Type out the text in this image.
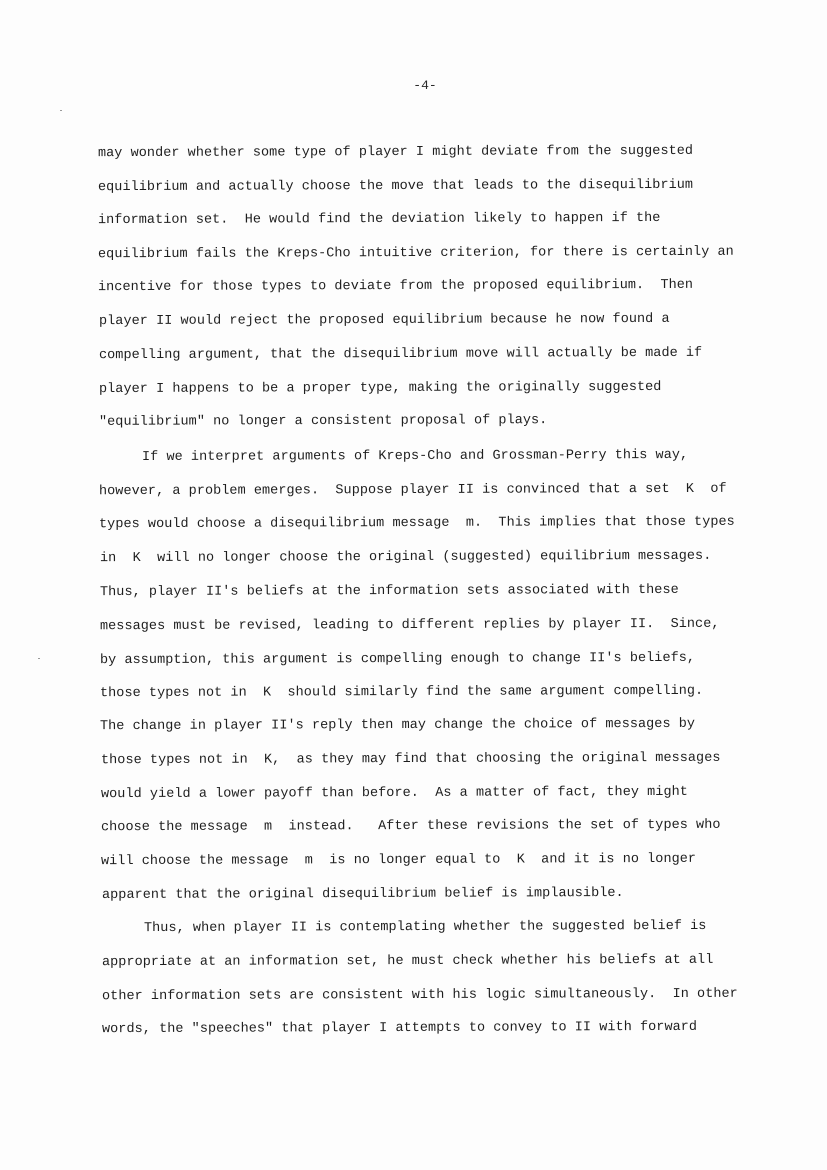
-4-
may wonder whether some type of player I might deviate from the suggested
equilibrium and actually choose the move that leads to the disequilibrium
information set.  He would find the deviation likely to happen if the
equilibrium fails the Kreps-Cho intuitive criterion, for there is certainly an
incentive for those types to deviate from the proposed equilibrium.  Then
player II would reject the proposed equilibrium because he now found a
compelling argument, that the disequilibrium move will actually be made if
player I happens to be a proper type, making the originally suggested
"equilibrium" no longer a consistent proposal of plays.
If we interpret arguments of Kreps-Cho and Grossman-Perry this way,
however, a problem emerges.  Suppose player II is convinced that a set  K  of
types would choose a disequilibrium message  m.  This implies that those types
in  K  will no longer choose the original (suggested) equilibrium messages.
Thus, player II's beliefs at the information sets associated with these
messages must be revised, leading to different replies by player II.  Since,
by assumption, this argument is compelling enough to change II's beliefs,
those types not in  K  should similarly find the same argument compelling.
The change in player II's reply then may change the choice of messages by
those types not in  K,  as they may find that choosing the original messages
would yield a lower payoff than before.  As a matter of fact, they might
choose the message  m  instead.   After these revisions the set of types who
will choose the message  m  is no longer equal to  K  and it is no longer
apparent that the original disequilibrium belief is implausible.
Thus, when player II is contemplating whether the suggested belief is
appropriate at an information set, he must check whether his beliefs at all
other information sets are consistent with his logic simultaneously.  In other
words, the "speeches" that player I attempts to convey to II with forward
